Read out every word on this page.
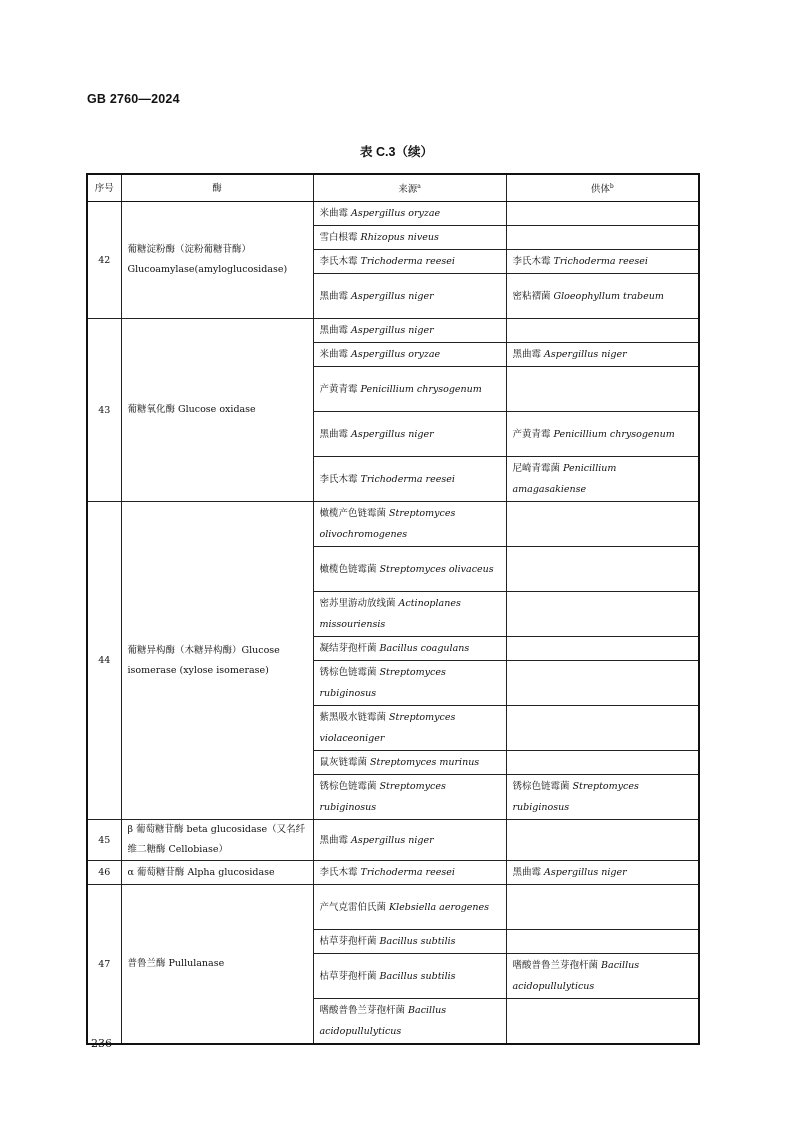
GB 2760—2024
表 C.3（续）
序号	酶	来源$^a$	供体$^b$
42	葡糖淀粉酶（淀粉葡糖苷酶）Glucoamylase(amyloglucosidase)	米曲霉 Aspergillus oryzae	
		雪白根霉 Rhizopus niveus	
		李氏木霉 Trichoderma reesei	李氏木霉 Trichoderma reesei
		黑曲霉 Aspergillus niger	密粘褶菌 Gloeophyllum trabeum
43	葡糖氧化酶 Glucose oxidase	黑曲霉 Aspergillus niger	
		米曲霉 Aspergillus oryzae	黑曲霉 Aspergillus niger
		产黄青霉 Penicillium chrysogenum	
		黑曲霉 Aspergillus niger	产黄青霉 Penicillium chrysogenum
		李氏木霉 Trichoderma reesei	尼崎青霉菌 Penicillium amagasakiense
44	葡糖异构酶（木糖异构酶）Glucose isomerase (xylose isomerase)	橄榄产色链霉菌 Streptomyces olivochromogenes	
		橄榄色链霉菌 Streptomyces olivaceus	
		密苏里游动放线菌 Actinoplanes missouriensis	
		凝结芽孢杆菌 Bacillus coagulans	
		锈棕色链霉菌 Streptomyces rubiginosus	
		紫黑吸水链霉菌 Streptomyces violaceoniger	
		鼠灰链霉菌 Streptomyces murinus	
		锈棕色链霉菌 Streptomyces rubiginosus	锈棕色链霉菌 Streptomyces rubiginosus
45	β 葡萄糖苷酶 beta glucosidase（又名纤维二糖酶 Cellobiase）	黑曲霉 Aspergillus niger	
46	α 葡萄糖苷酶 Alpha glucosidase	李氏木霉 Trichoderma reesei	黑曲霉 Aspergillus niger
47	普鲁兰酶 Pullulanase	产气克雷伯氏菌 Klebsiella aerogenes	
		枯草芽孢杆菌 Bacillus subtilis	
		枯草芽孢杆菌 Bacillus subtilis	嗜酸普鲁兰芽孢杆菌 Bacillus acidopullulyticus
		嗜酸普鲁兰芽孢杆菌 Bacillus acidopullulyticus	
236
